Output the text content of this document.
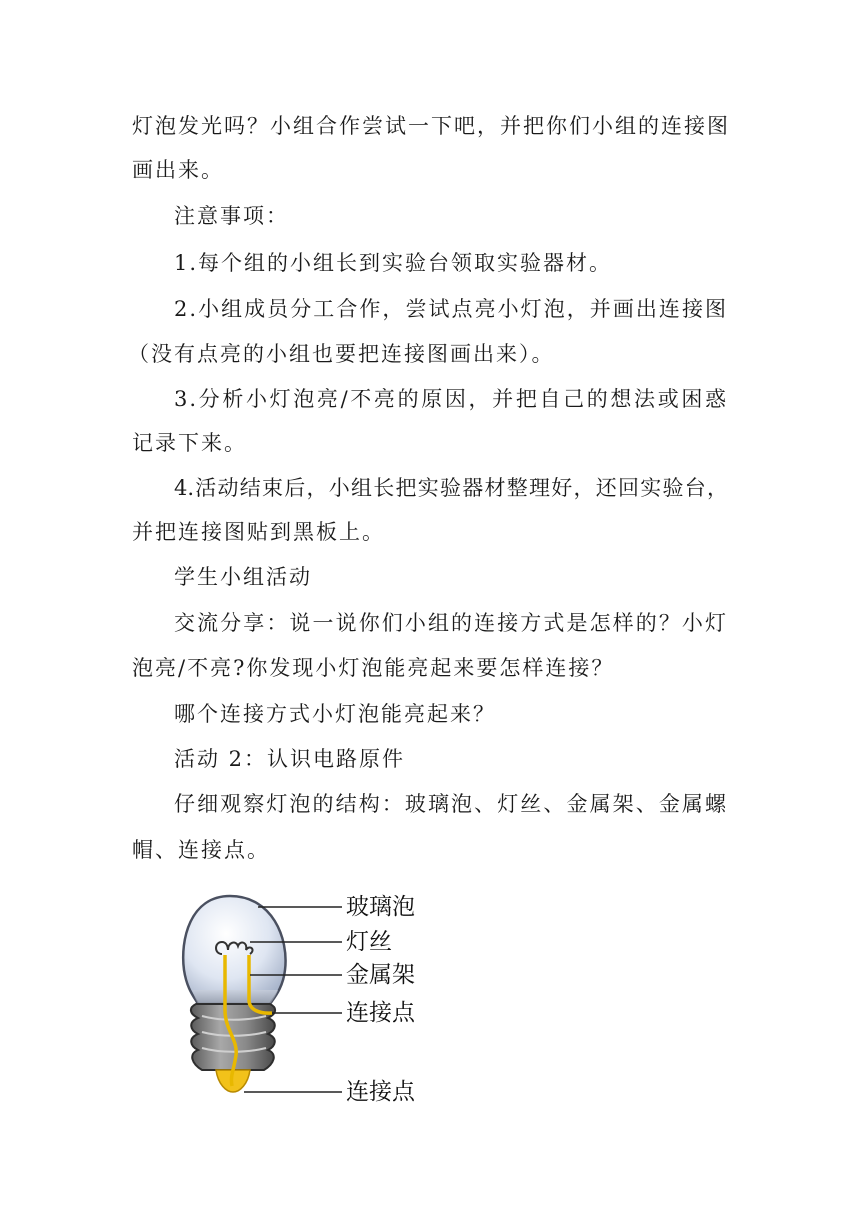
灯泡发光吗？小组合作尝试一下吧，并把你们小组的连接图
画出来。
注意事项：
1.每个组的小组长到实验台领取实验器材。
2.小组成员分工合作，尝试点亮小灯泡，并画出连接图
（没有点亮的小组也要把连接图画出来）。
3.分析小灯泡亮/不亮的原因，并把自己的想法或困惑
记录下来。
4.活动结束后，小组长把实验器材整理好，还回实验台，
并把连接图贴到黑板上。
学生小组活动
交流分享：说一说你们小组的连接方式是怎样的？小灯
泡亮/不亮?你发现小灯泡能亮起来要怎样连接？
哪个连接方式小灯泡能亮起来？
活动 2：认识电路原件
仔细观察灯泡的结构：玻璃泡、灯丝、金属架、金属螺
帽、连接点。
玻璃泡
灯丝
金属架
连接点
连接点
